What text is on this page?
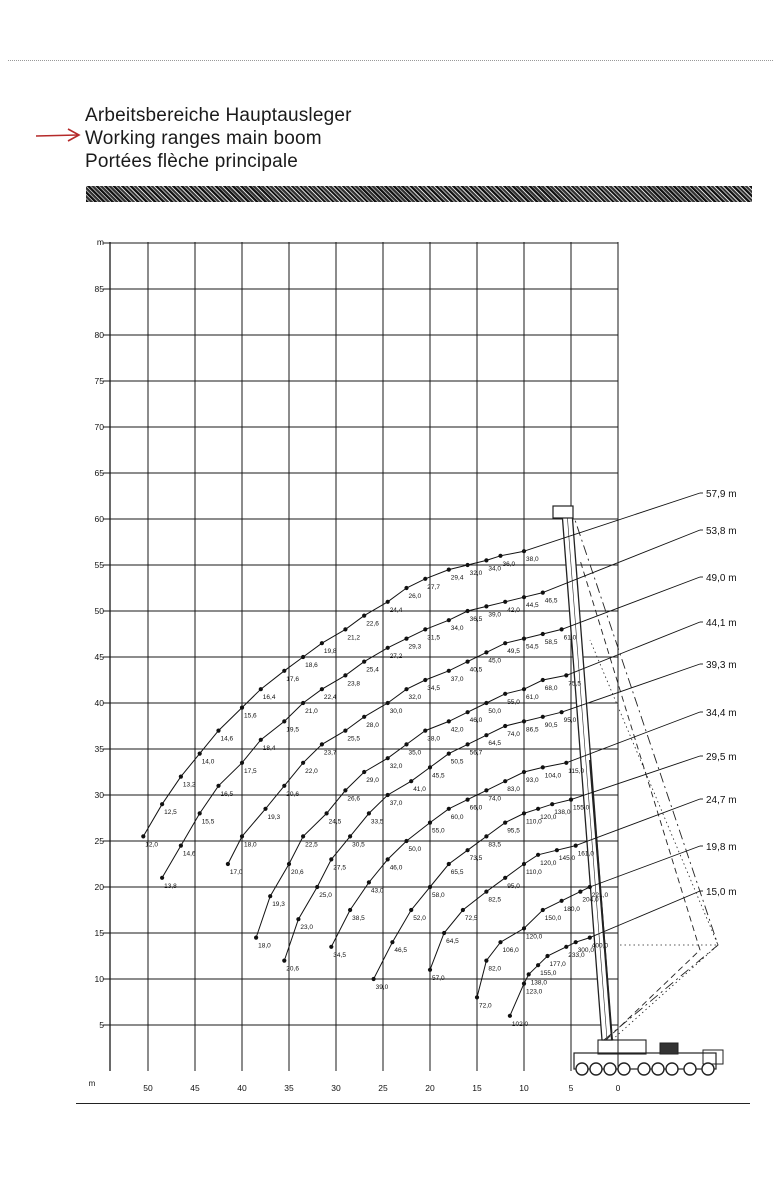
Arbeitsbereiche Hauptausleger
Working ranges main boom
Portées flèche principale
12,0
12,5
13,2
14,0
14,6
15,6
16,4
17,6
18,6
19,8
21,2
22,6
24,4
26,0
27,7
29,4
32,0
34,0
36,0
38,0
13,8
14,6
15,5
16,5
17,5
18,4
19,5
21,0
22,4
23,8
25,4
27,2
29,3
31,5
34,0
36,5
39,0
42,0
44,5
46,5
17,0
18,0
19,3
20,6
22,0
23,7
25,5
28,0
30,0
32,0
34,5
37,0
40,5
45,0
49,5
54,5
58,5
61,0
18,0
19,3
20,6
22,5
24,5
26,6
29,0
32,0
35,0
38,0
42,0
46,0
50,0
55,0
61,0
68,0
75,5
20,6
23,0
25,0
27,5
30,5
33,5
37,0
41,0
45,5
50,5
56,7
64,5
74,0
86,5
90,5
95,0
34,5
38,5
43,0
46,0
50,0
55,0
60,0
66,0
74,0
83,0
93,0
104,0
115,0
39,0
46,5
52,0
58,0
65,5
73,5
83,5
95,5
110,0
120,0
138,0
155,0
57,0
64,5
72,5
82,5
95,0
110,0
120,0
145,0
161,0
72,0
82,0
106,0
120,0
150,0
180,0
204,0
221,0
102,0
123,0
138,0
155,0
177,0
233,0
300,0
400,0
5
10
15
20
25
30
35
40
45
50
55
60
65
70
75
80
85
m
50	45	40	35	30	25	20	15	10	5	0
m
57,9 m
53,8 m
49,0 m
44,1 m
39,3 m
34,4 m
29,5 m
24,7 m
19,8 m
15,0 m
